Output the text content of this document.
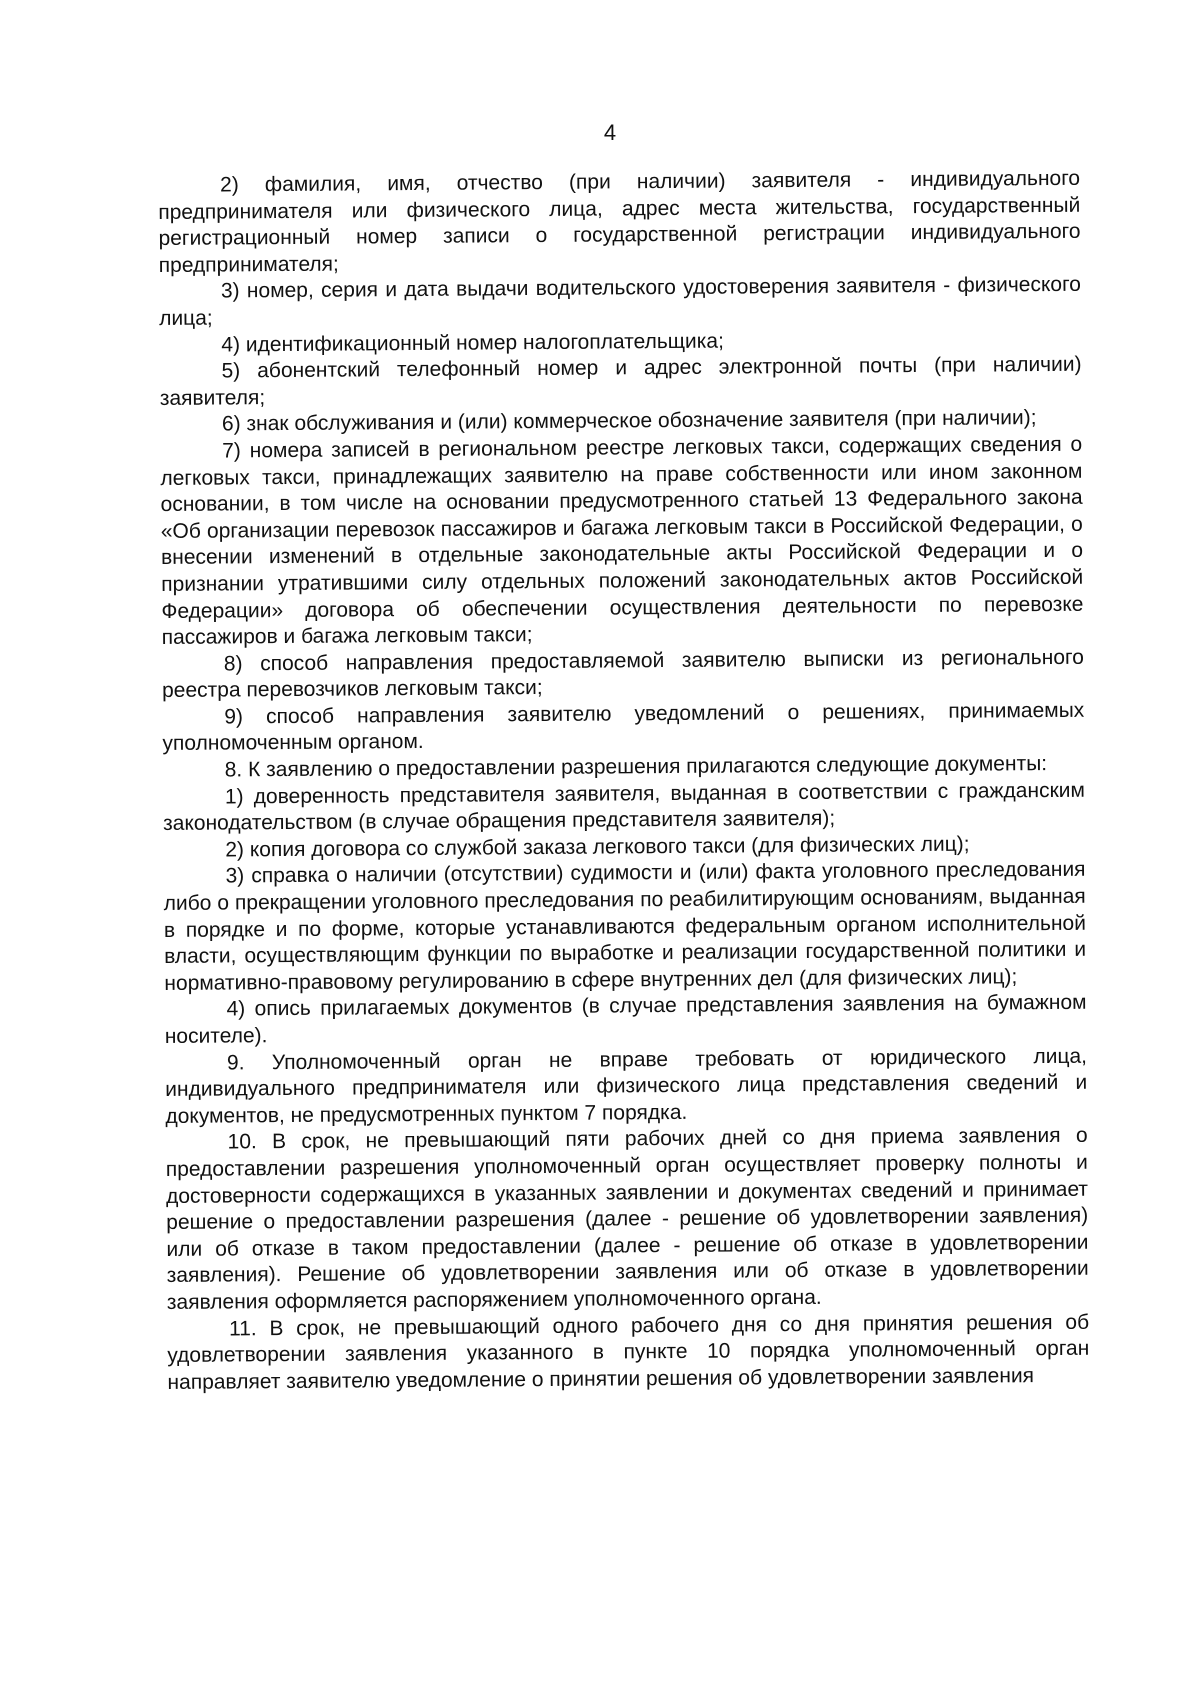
4

2) фамилия, имя, отчество (при наличии) заявителя - индивидуального предпринимателя или физического лица, адрес места жительства, государственный регистрационный номер записи о государственной регистрации индивидуального предпринимателя;

3) номер, серия и дата выдачи водительского удостоверения заявителя - физического лица;

4) идентификационный номер налогоплательщика;

5) абонентский телефонный номер и адрес электронной почты (при наличии) заявителя;

6) знак обслуживания и (или) коммерческое обозначение заявителя (при наличии);

7) номера записей в региональном реестре легковых такси, содержащих сведения о легковых такси, принадлежащих заявителю на праве собственности или ином законном основании, в том числе на основании предусмотренного статьей 13 Федерального закона «Об организации перевозок пассажиров и багажа легковым такси в Российской Федерации, о внесении изменений в отдельные законодательные акты Российской Федерации и о признании утратившими силу отдельных положений законодательных актов Российской Федерации» договора об обеспечении осуществления деятельности по перевозке пассажиров и багажа легковым такси;

8) способ направления предоставляемой заявителю выписки из регионального реестра перевозчиков легковым такси;

9) способ направления заявителю уведомлений о решениях, принимаемых уполномоченным органом.

8. К заявлению о предоставлении разрешения прилагаются следующие документы:

1) доверенность представителя заявителя, выданная в соответствии с гражданским законодательством (в случае обращения представителя заявителя);

2) копия договора со службой заказа легкового такси (для физических лиц);

3) справка о наличии (отсутствии) судимости и (или) факта уголовного преследования либо о прекращении уголовного преследования по реабилитирующим основаниям, выданная в порядке и по форме, которые устанавливаются федеральным органом исполнительной власти, осуществляющим функции по выработке и реализации государственной политики и нормативно-правовому регулированию в сфере внутренних дел (для физических лиц);

4) опись прилагаемых документов (в случае представления заявления на бумажном носителе).

9. Уполномоченный орган не вправе требовать от юридического лица, индивидуального предпринимателя или физического лица представления сведений и документов, не предусмотренных пунктом 7 порядка.

10. В срок, не превышающий пяти рабочих дней со дня приема заявления о предоставлении разрешения уполномоченный орган осуществляет проверку полноты и достоверности содержащихся в указанных заявлении и документах сведений и принимает решение о предоставлении разрешения (далее - решение об удовлетворении заявления) или об отказе в таком предоставлении (далее - решение об отказе в удовлетворении заявления). Решение об удовлетворении заявления или об отказе в удовлетворении заявления оформляется распоряжением уполномоченного органа.

11. В срок, не превышающий одного рабочего дня со дня принятия решения об удовлетворении заявления указанного в пункте 10 порядка уполномоченный орган направляет заявителю уведомление о принятии решения об удовлетворении заявления
